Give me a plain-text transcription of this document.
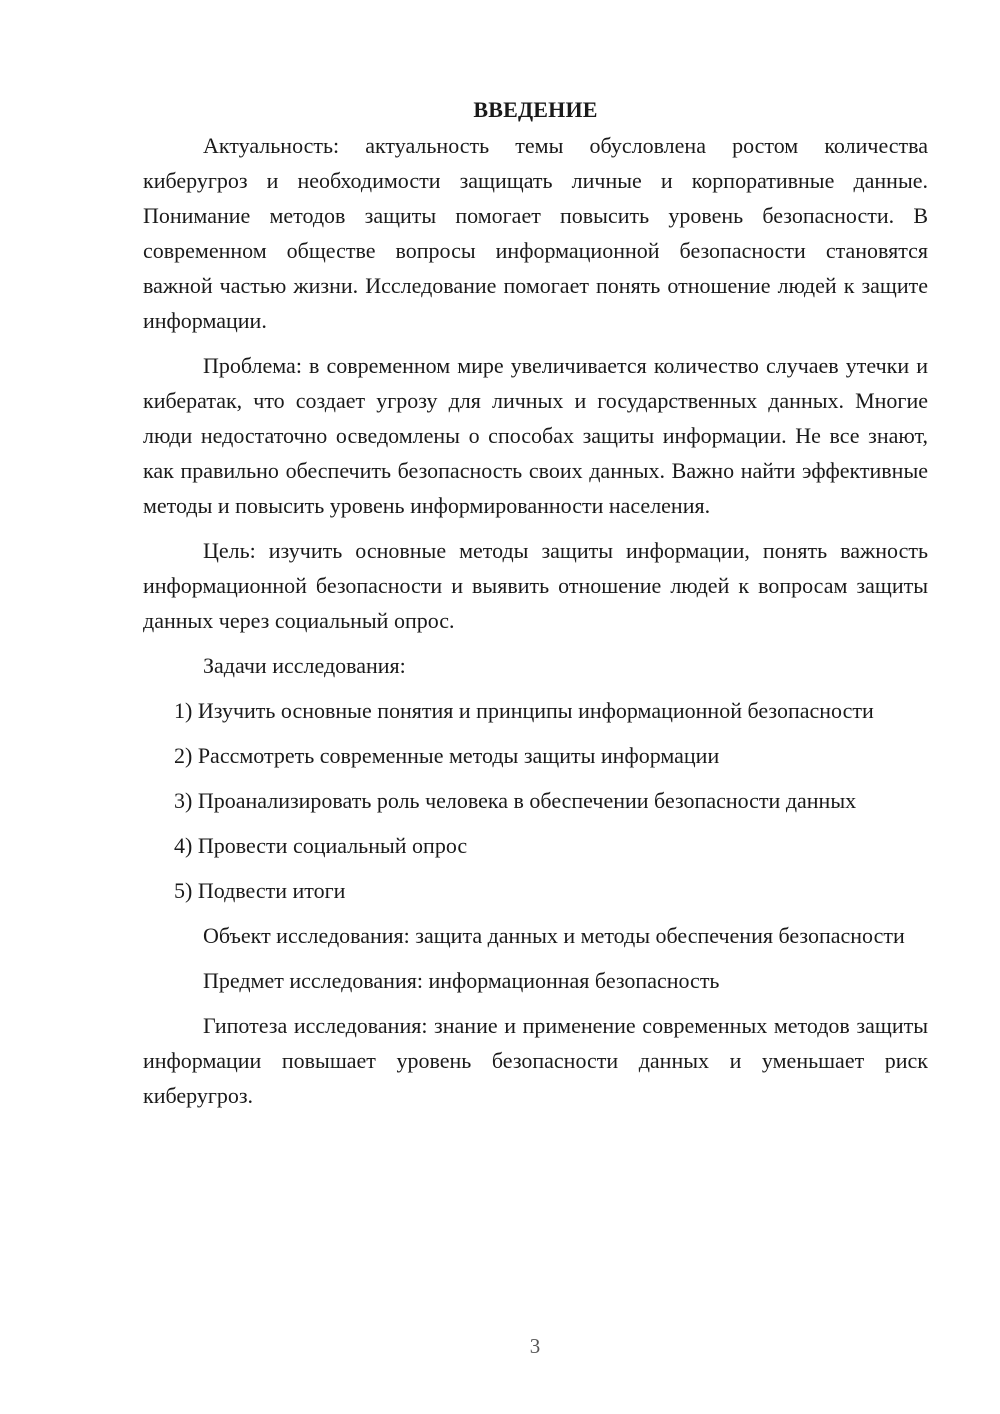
ВВЕДЕНИЕ

Актуальность: актуальность темы обусловлена ростом количества киберугроз и необходимости защищать личные и корпоративные данные. Понимание методов защиты помогает повысить уровень безопасности. В современном обществе вопросы информационной безопасности становятся важной частью жизни. Исследование помогает понять отношение людей к защите информации.

Проблема: в современном мире увеличивается количество случаев утечки и кибератак, что создает угрозу для личных и государственных данных. Многие люди недостаточно осведомлены о способах защиты информации. Не все знают, как правильно обеспечить безопасность своих данных. Важно найти эффективные методы и повысить уровень информированности населения.

Цель: изучить основные методы защиты информации, понять важность информационной безопасности и выявить отношение людей к вопросам защиты данных через социальный опрос.

Задачи исследования:

1) Изучить основные понятия и принципы информационной безопасности

2) Рассмотреть современные методы защиты информации

3) Проанализировать роль человека в обеспечении безопасности данных

4) Провести социальный опрос

5) Подвести итоги

Объект исследования: защита данных и методы обеспечения безопасности

Предмет исследования: информационная безопасность

Гипотеза исследования: знание и применение современных методов защиты информации повышает уровень безопасности данных и уменьшает риск киберугроз.

3
